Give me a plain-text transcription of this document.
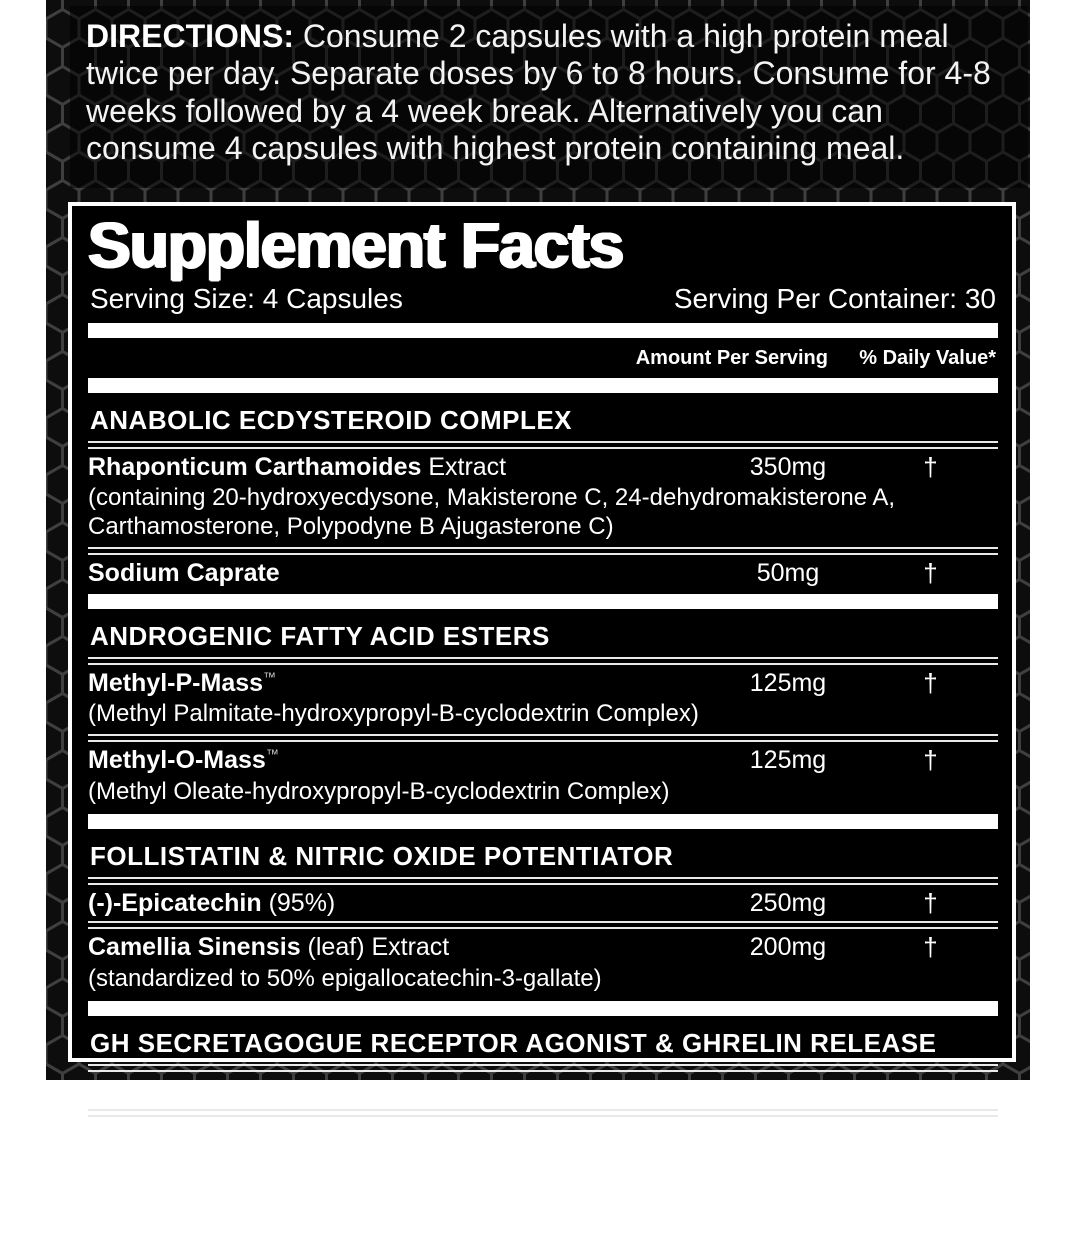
DIRECTIONS: Consume 2 capsules with a high protein meal twice per day. Separate doses by 6 to 8 hours. Consume for 4-8 weeks followed by a 4 week break. Alternatively you can consume 4 capsules with highest protein containing meal.
Supplement Facts
Serving Size: 4 Capsules	Serving Per Container: 30
Amount Per Serving	% Daily Value*
ANABOLIC ECDYSTEROID COMPLEX
Rhaponticum Carthamoides Extract	350mg	†
(containing 20-hydroxyecdysone, Makisterone C, 24-dehydromakisterone A, Carthamosterone, Polypodyne B Ajugasterone C)
Sodium Caprate	50mg	†
ANDROGENIC FATTY ACID ESTERS
Methyl-P-Mass™	125mg	†
(Methyl Palmitate-hydroxypropyl-B-cyclodextrin Complex)
Methyl-O-Mass™	125mg	†
(Methyl Oleate-hydroxypropyl-B-cyclodextrin Complex)
FOLLISTATIN & NITRIC OXIDE POTENTIATOR
(-)-Epicatechin (95%)	250mg	†
Camellia Sinensis (leaf) Extract	200mg	†
(standardized to 50% epigallocatechin-3-gallate)
GH SECRETAGOGUE RECEPTOR AGONIST & GHRELIN RELEASE
Atractylodes Lancea Rhizome Extract	500mg	†
BioPerine® (Black Pepper (fruit)	10mg	†
Extract std. to 95% Piperine)
* Percent Daily Values are based on a 2,000 calorie diet. † Daily Value not established.
